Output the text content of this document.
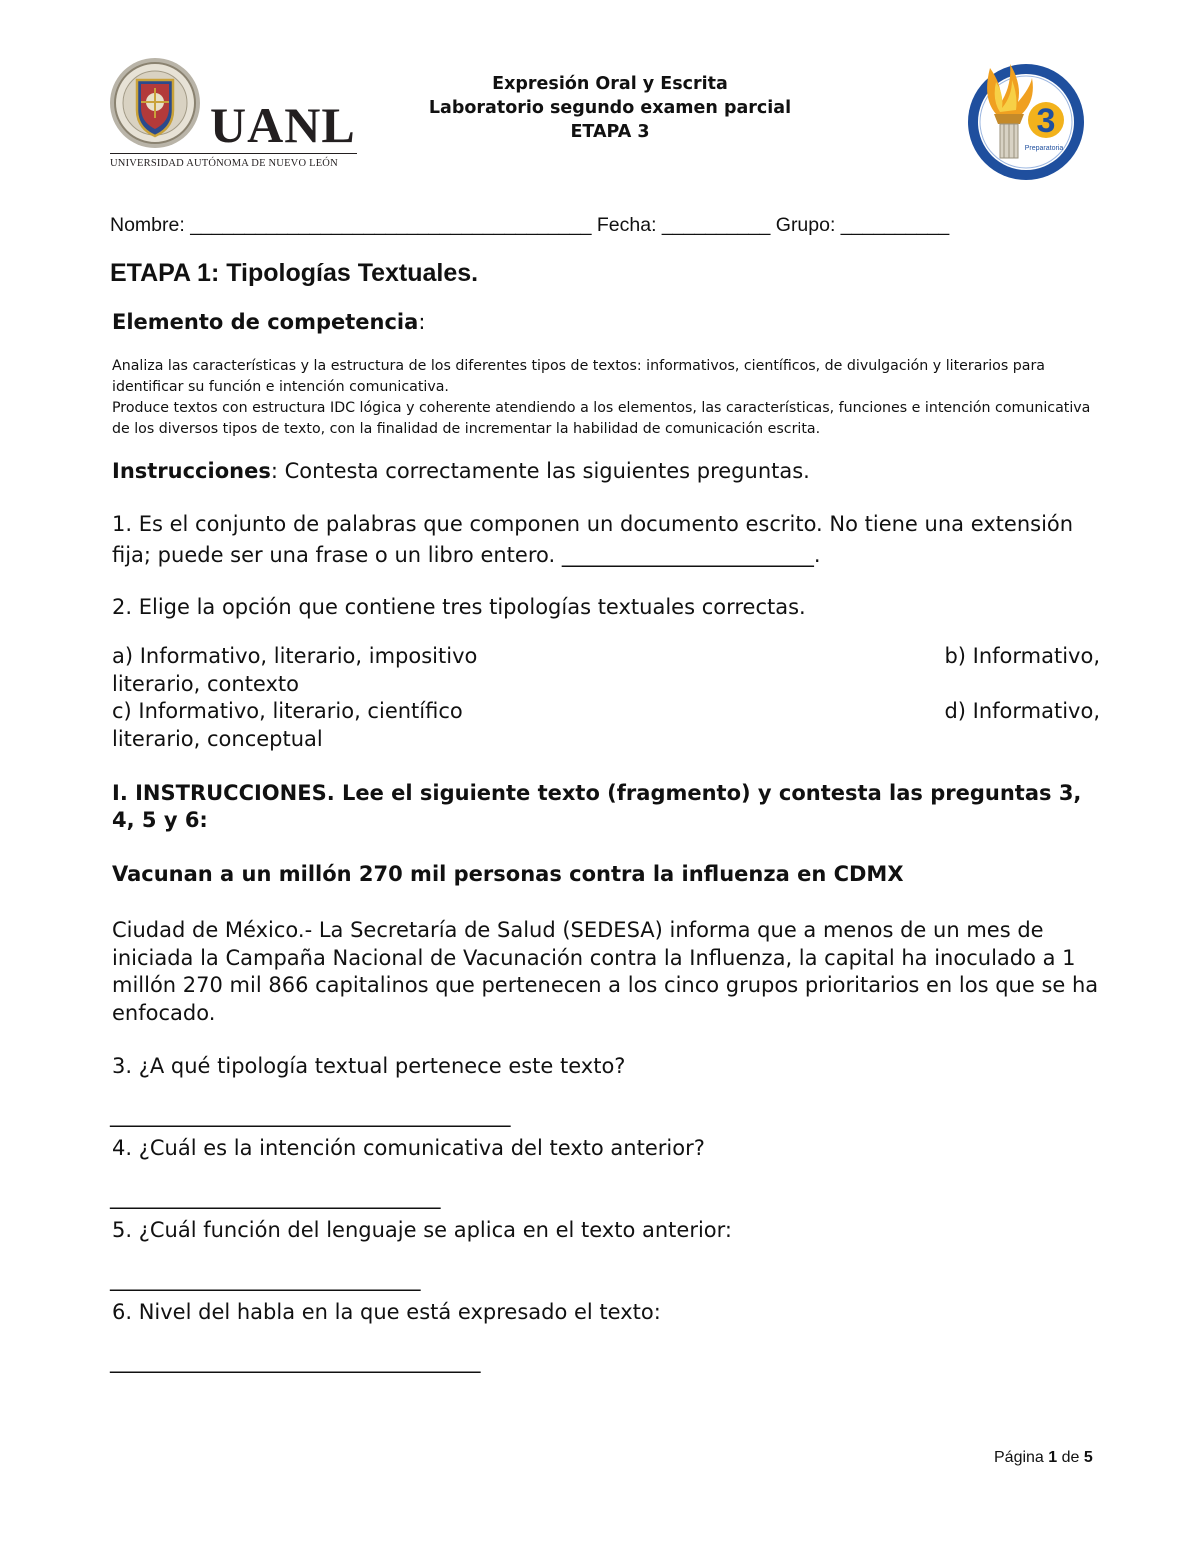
UANL
UNIVERSIDAD AUTÓNOMA DE NUEVO LEÓN
Expresión Oral y Escrita
Laboratorio segundo examen parcial
ETAPA 3	3
Preparatoria
Nombre: _____________________________________ Fecha: __________ Grupo: __________
ETAPA 1: Tipologías Textuales.
Elemento de competencia:
Analiza las características y la estructura de los diferentes tipos de textos: informativos, científicos, de divulgación y literarios para identificar su función e intención comunicativa.
Produce textos con estructura IDC lógica y coherente atendiendo a los elementos, las características, funciones e intención comunicativa de los diversos tipos de texto, con la finalidad de incrementar la habilidad de comunicación escrita.
Instrucciones: Contesta correctamente las siguientes preguntas.
1. Es el conjunto de palabras que componen un documento escrito. No tiene una extensión fija; puede ser una frase o un libro entero. ________________________.
2. Elige la opción que contiene tres tipologías textuales correctas.
a) Informativo, literario, impositivo	b) Informativo,
literario, contexto
c) Informativo, literario, científico	d) Informativo,
literario, conceptual
I. INSTRUCCIONES. Lee el siguiente texto (fragmento) y contesta las preguntas 3, 4, 5 y 6:
Vacunan a un millón 270 mil personas contra la influenza en CDMX
Ciudad de México.- La Secretaría de Salud (SEDESA) informa que a menos de un mes de iniciada la Campaña Nacional de Vacunación contra la Influenza, la capital ha inoculado a 1 millón 270 mil 866 capitalinos que pertenecen a los cinco grupos prioritarios en los que se ha enfocado.
3. ¿A qué tipología textual pertenece este texto?
________________________________________
4. ¿Cuál es la intención comunicativa del texto anterior?
_________________________________
5. ¿Cuál función del lenguaje se aplica en el texto anterior:
_______________________________
6. Nivel del habla en la que está expresado el texto:
_____________________________________
Página 1 de 5
